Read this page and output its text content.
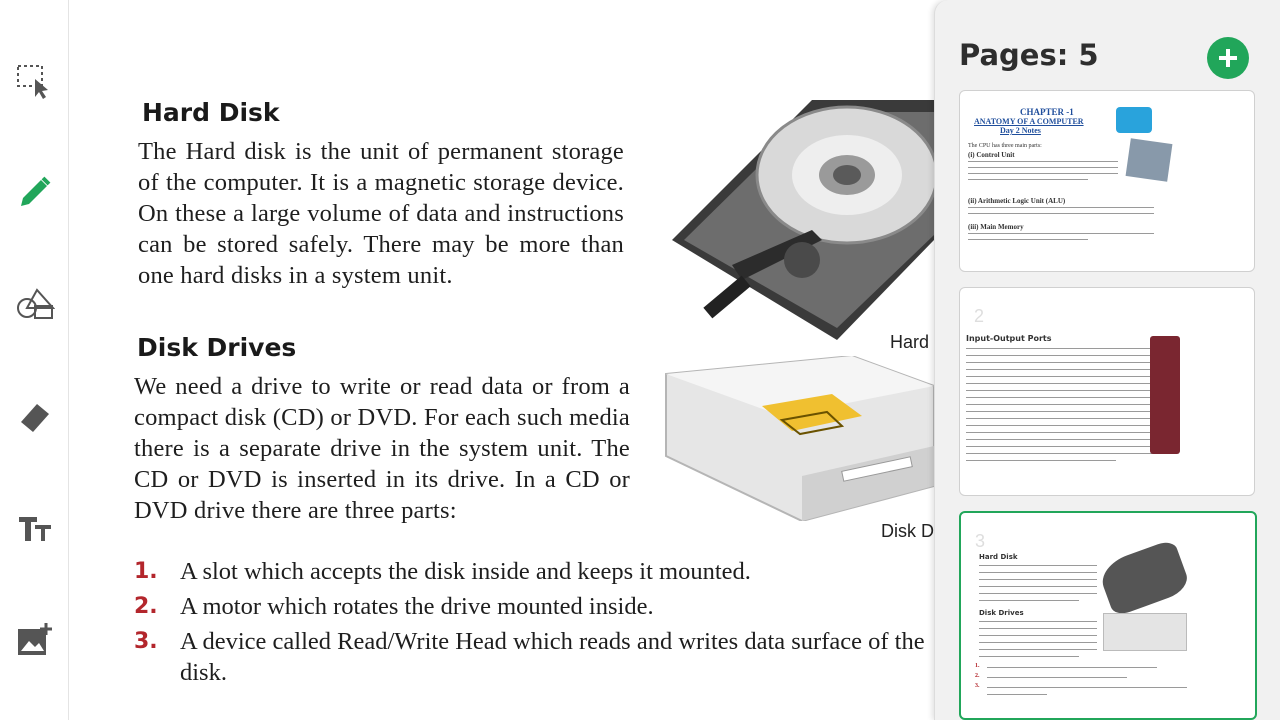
Hard Disk

The Hard disk is the unit of permanent storage of the computer. It is a magnetic storage device. On these a large volume of data and instructions can be stored safely. There may be more than one hard disks in a system unit.

Disk Drives

We need a drive to write or read data or from a compact disk (CD) or DVD. For each such media there is a separate drive in the system unit. The CD or DVD is inserted in its drive. In a CD or DVD drive there are three parts:

Hard
Disk D
1. A slot which accepts the disk inside and keeps it mounted.
2. A motor which rotates the drive mounted inside.
3. A device called Read/Write Head which reads and writes data surface of the disk.
Pages: 5
CHAPTER -1
ANATOMY OF A COMPUTER
Day 2 Notes
The CPU has three main parts:
(i) Control Unit
(ii) Arithmetic Logic Unit (ALU)
(iii) Main Memory
2
Input-Output Ports
3
Hard Disk
Disk Drives
1.
2.
3.
